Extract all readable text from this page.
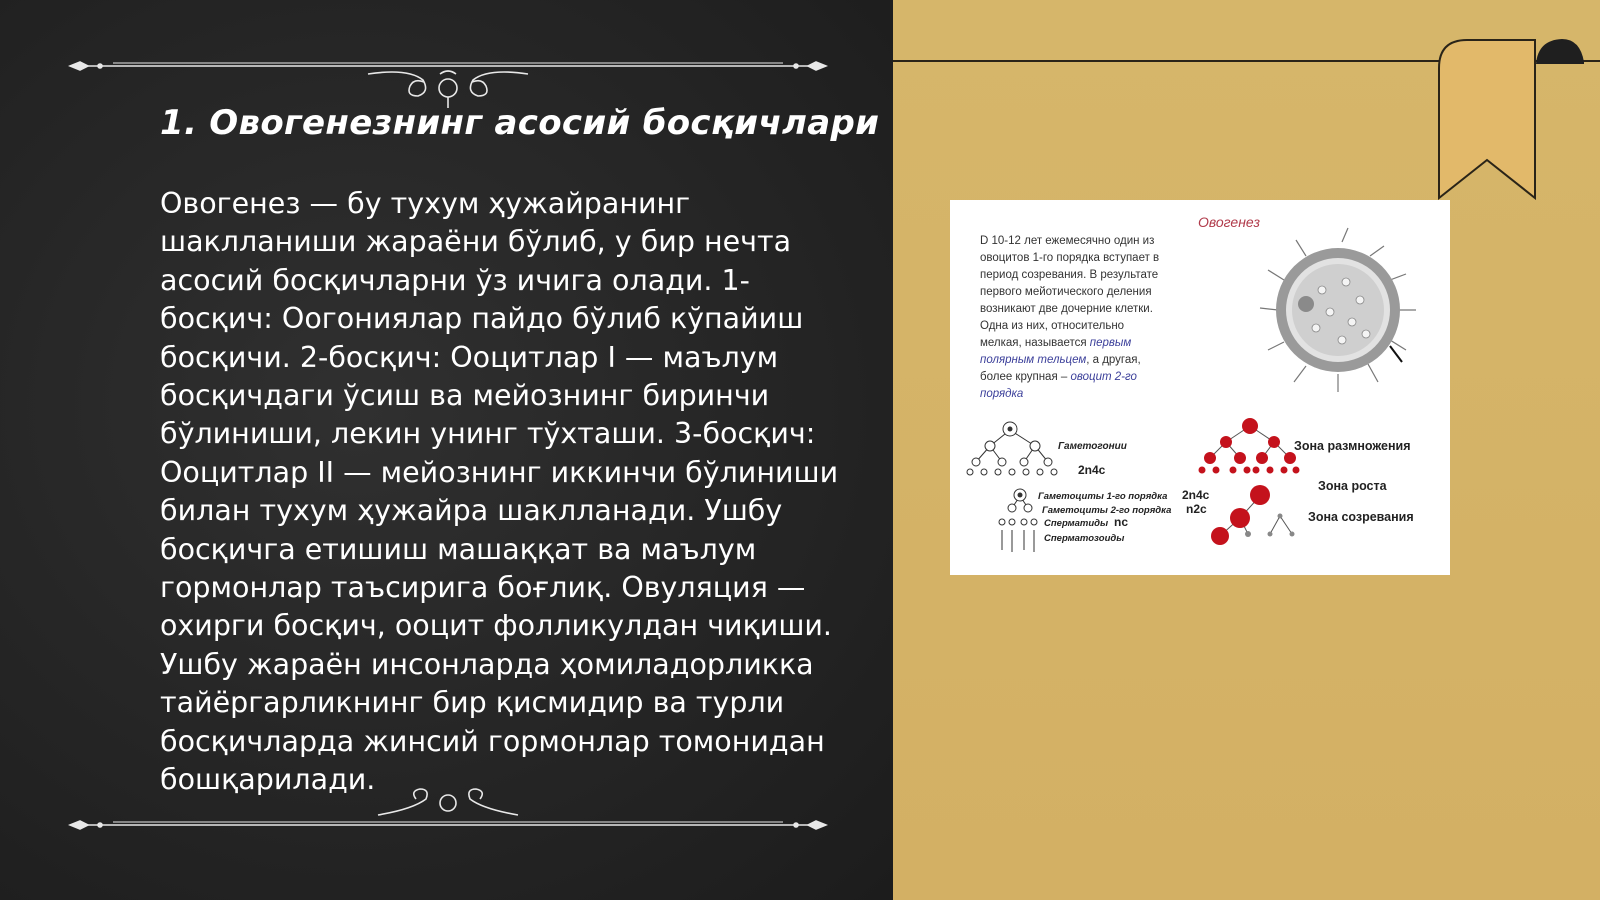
1. Овогенезнинг асосий босқичлари

Овогенез — бу тухум ҳужайранинг шаклланиши жараёни бўлиб, у бир нечта асосий босқичларни ўз ичига олади. 1-босқич: Оогониялар пайдо бўлиб кўпайиш босқичи. 2-босқич: Ооцитлар I — маълум босқичдаги ўсиш ва мейознинг биринчи бўлиниши, лекин унинг тўхташи. 3-босқич: Ооцитлар II — мейознинг иккинчи бўлиниши билан тухум ҳужайра шаклланади. Ушбу босқичга етишиш машаққат ва маълум гормонлар таъсирига боғлиқ. Овуляция — охирги босқич, ооцит фолликулдан чиқиши. Ушбу жараён инсонларда ҳомиладорликка тайёргарликнинг бир қисмидир ва турли босқичларда жинсий гормонлар томонидан бошқарилади.

Овогенез
D 10-12 лет ежемесячно один из
овоцитов 1-го порядка вступает в
период созревания. В результате
первого мейотического деления
возникают две дочерние клетки.
Одна из них, относительно
мелкая, называется первым
полярным тельцем, а другая,
более крупная – овоцит 2-го
порядка
Гаметогонии
2n4c
Гаметоциты 1-го порядка 2n4c
Гаметоциты 2-го порядка n2c
Сперматиды nc
Сперматозоиды
Зона размножения
Зона роста
Зона созревания
